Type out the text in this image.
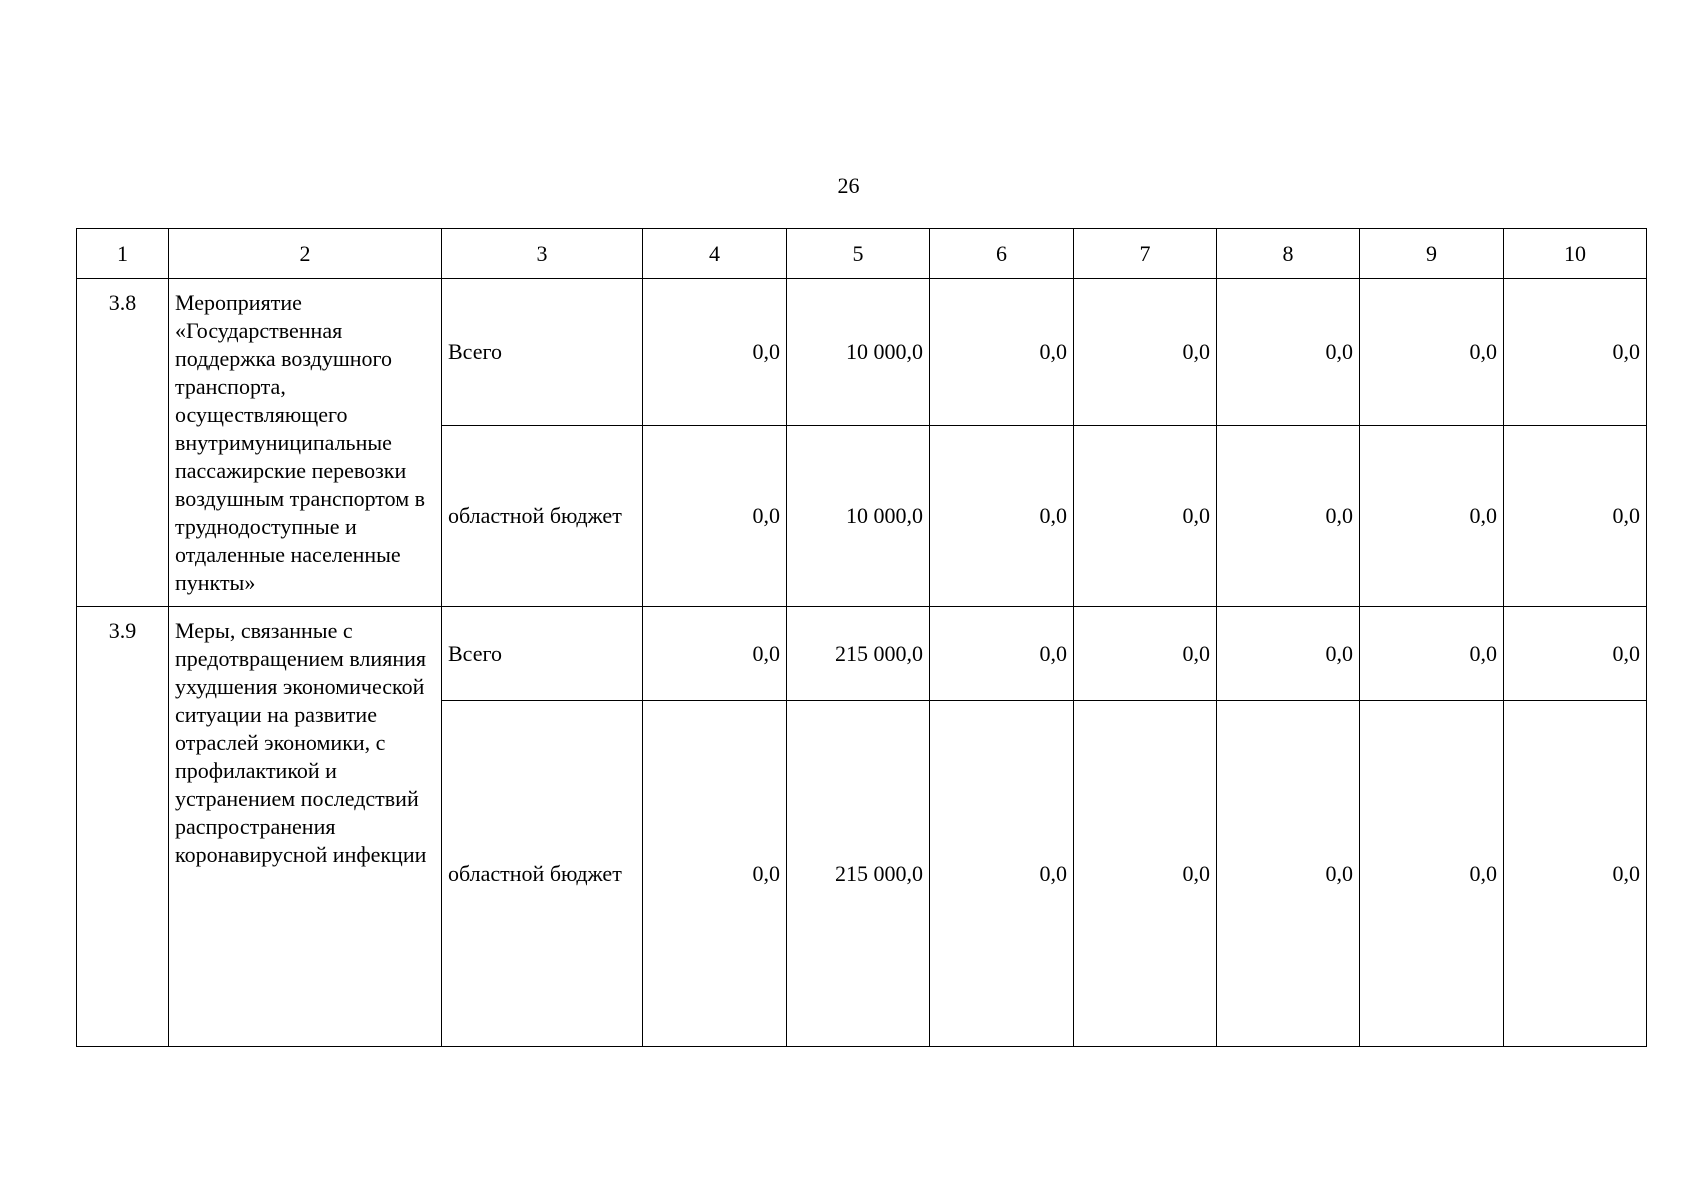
26
1	2	3	4	5	6	7	8	9	10
3.8	Мероприятие «Государственная поддержка воздушного транспорта, осуществляющего внутримуниципальные пассажирские перевозки воздушным транспортом в труднодоступные и отдаленные населенные пункты»	Всего	0,0	10 000,0	0,0	0,0	0,0	0,0	0,0
		областной бюджет	0,0	10 000,0	0,0	0,0	0,0	0,0	0,0
3.9	Меры, связанные с предотвращением влияния ухудшения экономической ситуации на развитие отраслей экономики, с профилактикой и устранением последствий распространения коронавирусной инфекции	Всего	0,0	215 000,0	0,0	0,0	0,0	0,0	0,0
		областной бюджет	0,0	215 000,0	0,0	0,0	0,0	0,0	0,0
